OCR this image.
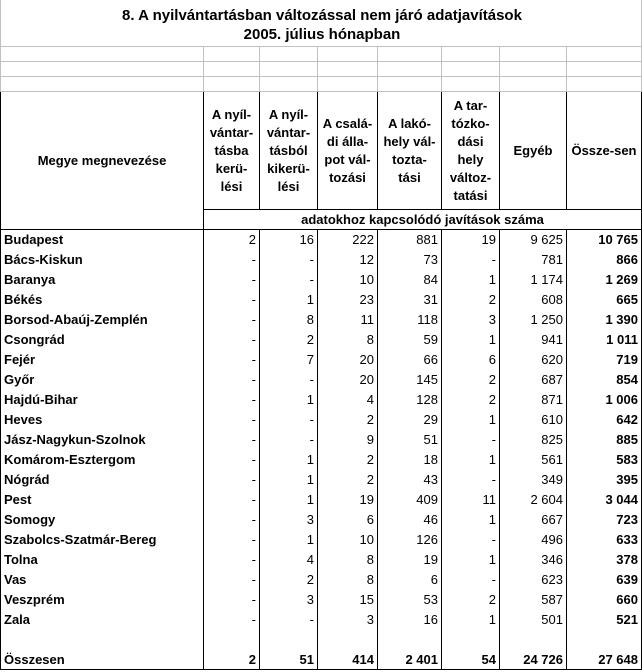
8. A nyilvántartásban változással nem járó adatjavítások
2005. július hónapban

Megye megnevezése	A nyíl-vántar-tásba kerü-lési	A nyíl-vántar-tásból kikerü-lési	A csalá-di álla-pot vál-tozási	A lakó-hely vál-tozta-tási	A tar-tózko-dási hely változ-tatási	Egyéb	Össze-sen
	adatokhoz kapcsolódó javítások száma						
Budapest	2	16	222	881	19	9 625	10 765
Bács-Kiskun	-	-	12	73	-	781	866
Baranya	-	-	10	84	1	1 174	1 269
Békés	-	1	23	31	2	608	665
Borsod-Abaúj-Zemplén	-	8	11	118	3	1 250	1 390
Csongrád	-	2	8	59	1	941	1 011
Fejér	-	7	20	66	6	620	719
Győr	-	-	20	145	2	687	854
Hajdú-Bihar	-	1	4	128	2	871	1 006
Heves	-	-	2	29	1	610	642
Jász-Nagykun-Szolnok	-	-	9	51	-	825	885
Komárom-Esztergom	-	1	2	18	1	561	583
Nógrád	-	1	2	43	-	349	395
Pest	-	1	19	409	11	2 604	3 044
Somogy	-	3	6	46	1	667	723
Szabolcs-Szatmár-Bereg	-	1	10	126	-	496	633
Tolna	-	4	8	19	1	346	378
Vas	-	2	8	6	-	623	639
Veszprém	-	3	15	53	2	587	660
Zala	-	-	3	16	1	501	521

Összesen	2	51	414	2 401	54	24 726	27 648
